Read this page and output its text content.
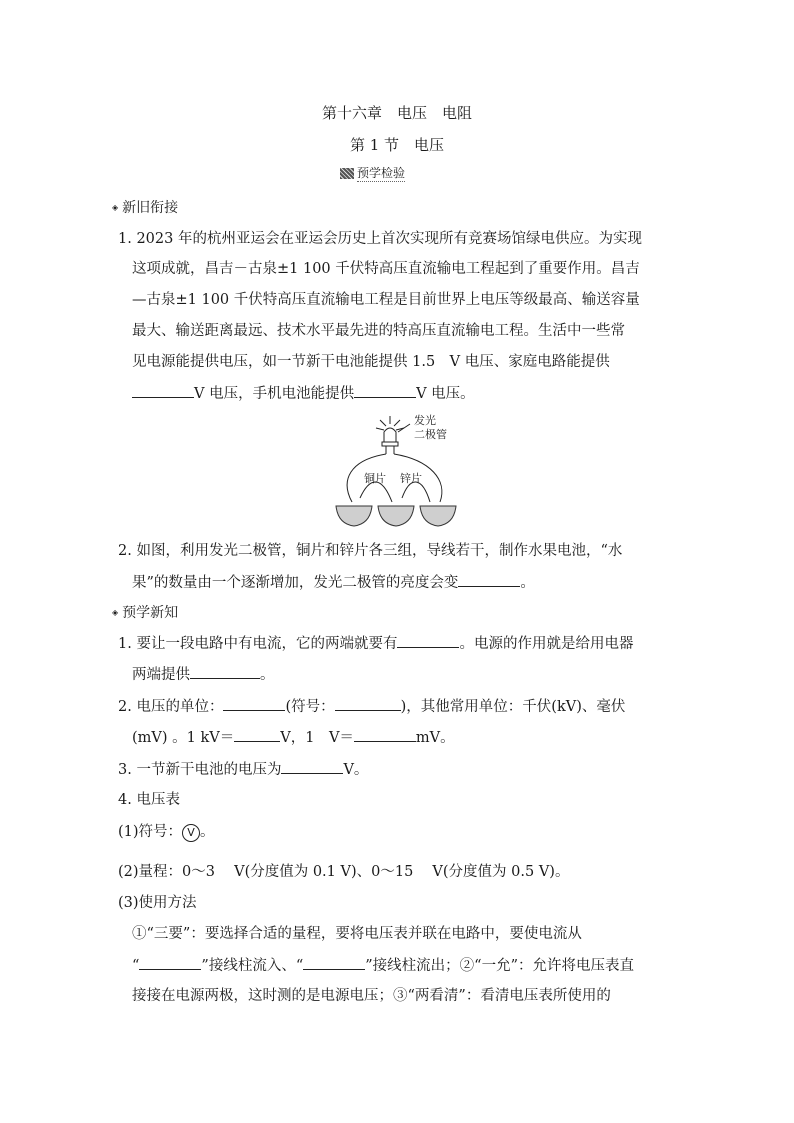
第十六章　电压　电阻
第 1 节　电压
预学检验
◈ 新旧衔接
1. 2023 年的杭州亚运会在亚运会历史上首次实现所有竞赛场馆绿电供应。为实现
这项成就，昌吉－古泉±1 100 千伏特高压直流输电工程起到了重要作用。昌吉
—古泉±1 100 千伏特高压直流输电工程是目前世界上电压等级最高、输送容量
最大、输送距离最远、技术水平最先进的特高压直流输电工程。生活中一些常
见电源能提供电压，如一节新干电池能提供 1.5　V 电压、家庭电路能提供
V 电压，手机电池能提供	V 电压。
发光
二极管
铜片 锌片
2. 如图，利用发光二极管，铜片和锌片各三组，导线若干，制作水果电池，“水
果”的数量由一个逐渐增加，发光二极管的亮度会变	。
◈ 预学新知
1. 要让一段电路中有电流，它的两端就要有	。电源的作用就是给用电器
两端提供	。
2. 电压的单位：	(符号：	)，其他常用单位：千伏(kV)、毫伏
(mV) 。1 kV＝	V，1　V＝	mV。
3. 一节新干电池的电压为	V。
4. 电压表
(1)符号： V 。
(2)量程：0～3　 V(分度值为 0.1 V)、0～15　 V(分度值为 0.5 V)。
(3)使用方法
①“三要”：要选择合适的量程，要将电压表并联在电路中，要使电流从
“	”接线柱流入、“	”接线柱流出；②“一允”：允许将电压表直
接接在电源两极，这时测的是电源电压；③“两看清”：看清电压表所使用的
